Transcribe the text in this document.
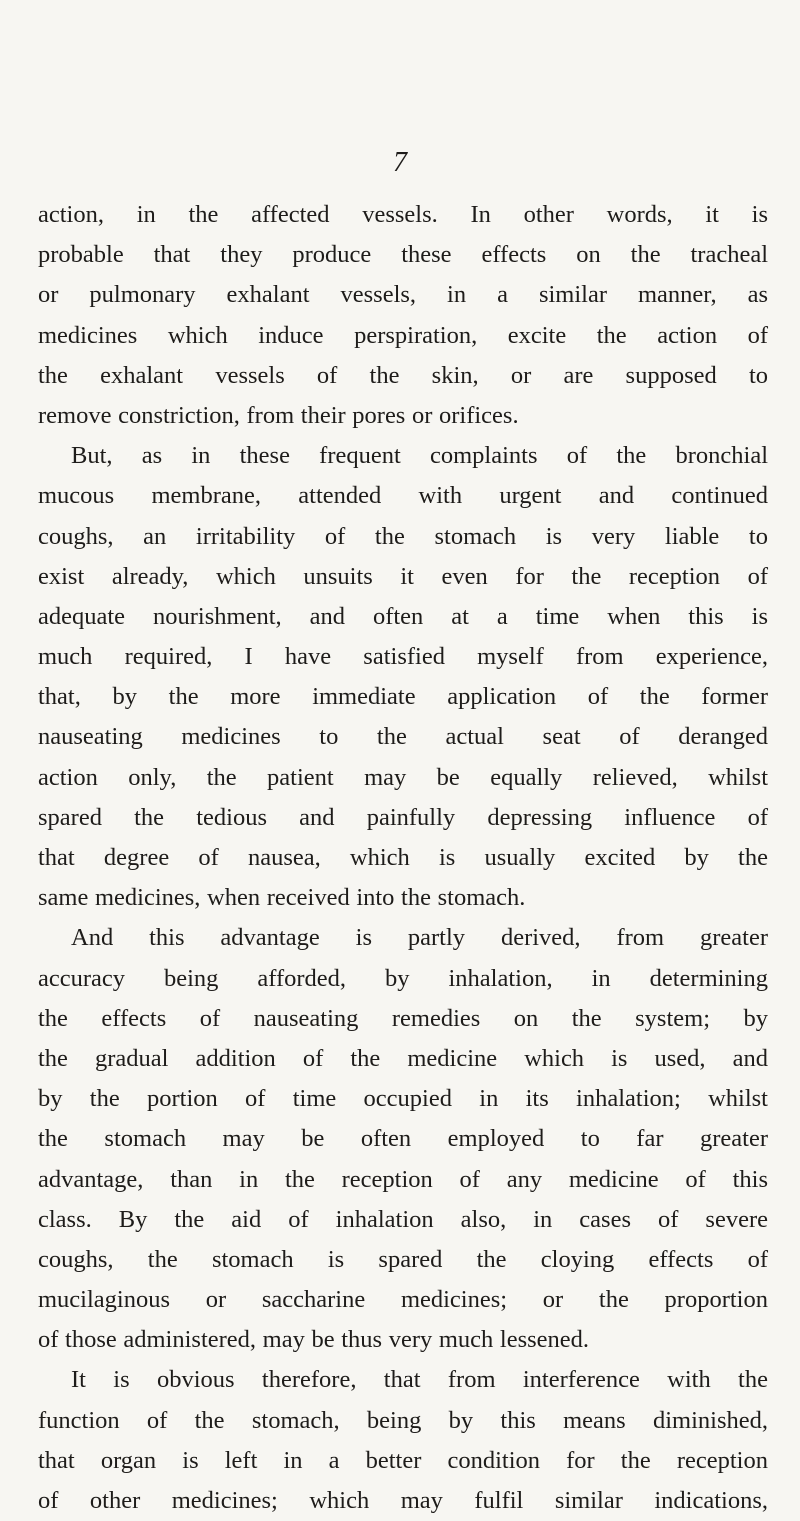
7
action, in the affected vessels. In other words, it is
probable that they produce these effects on the tracheal
or pulmonary exhalant vessels, in a similar manner, as
medicines which induce perspiration, excite the action of
the exhalant vessels of the skin, or are supposed to
remove constriction, from their pores or orifices.
But, as in these frequent complaints of the bronchial
mucous membrane, attended with urgent and continued
coughs, an irritability of the stomach is very liable to
exist already, which unsuits it even for the reception of
adequate nourishment, and often at a time when this is
much required, I have satisfied myself from experience,
that, by the more immediate application of the former
nauseating medicines to the actual seat of deranged
action only, the patient may be equally relieved, whilst
spared the tedious and painfully depressing influence of
that degree of nausea, which is usually excited by the
same medicines, when received into the stomach.
And this advantage is partly derived, from greater
accuracy being afforded, by inhalation, in determining
the effects of nauseating remedies on the system; by
the gradual addition of the medicine which is used, and
by the portion of time occupied in its inhalation; whilst
the stomach may be often employed to far greater
advantage, than in the reception of any medicine of this
class. By the aid of inhalation also, in cases of severe
coughs, the stomach is spared the cloying effects of
mucilaginous or saccharine medicines; or the proportion
of those administered, may be thus very much lessened.
It is obvious therefore, that from interference with the
function of the stomach, being by this means diminished,
that organ is left in a better condition for the reception
of other medicines; which may fulfil similar indications,
